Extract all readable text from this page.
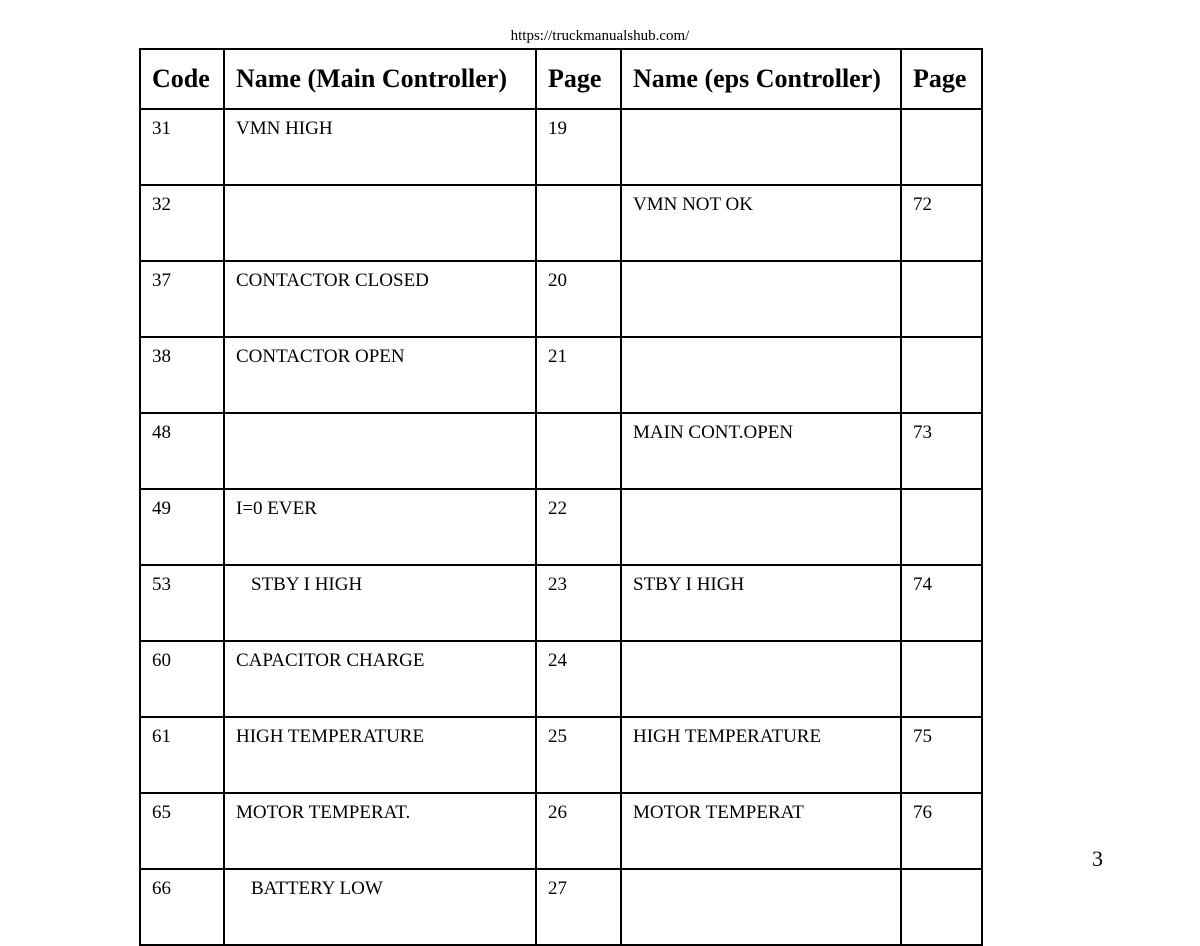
https://truckmanualshub.com/
Code	Name (Main Controller)	Page	Name (eps Controller)	Page
31	VMN HIGH	19		
32			VMN NOT OK	72
37	CONTACTOR CLOSED	20		
38	CONTACTOR OPEN	21		
48			MAIN CONT.OPEN	73
49	I=0 EVER	22		
53	STBY I HIGH	23	STBY I HIGH	74
60	CAPACITOR CHARGE	24		
61	HIGH TEMPERATURE	25	HIGH TEMPERATURE	75
65	MOTOR TEMPERAT.	26	MOTOR TEMPERAT	76
66	BATTERY LOW	27		
3
